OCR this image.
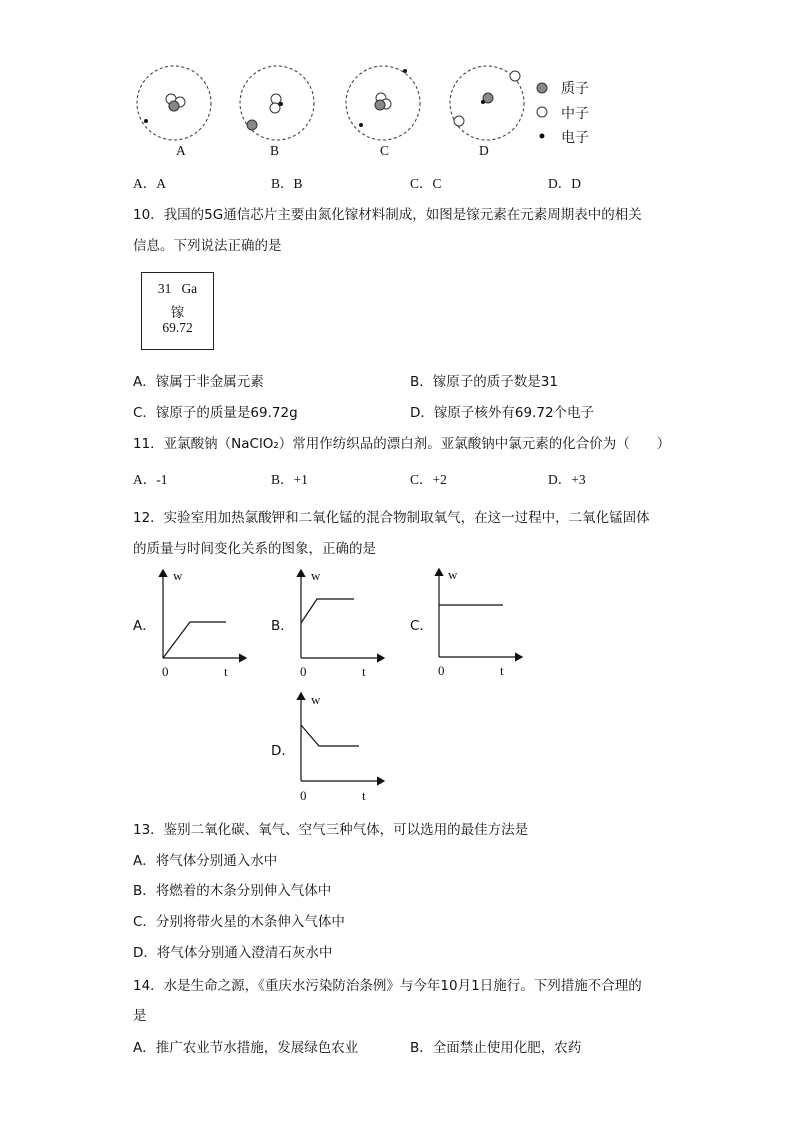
A	B	C	D
质子
中子
电子
A．A	B．B	C．C	D．D
10．我国的5G通信芯片主要由氮化镓材料制成，如图是镓元素在元素周期表中的相关
信息。下列说法正确的是
31 Ga
镓
69.72
A．镓属于非金属元素	B．镓原子的质子数是31
C．镓原子的质量是69.72g	D．镓原子核外有69.72个电子
11．亚氯酸钠（NaClO₂）常用作纺织品的漂白剂。亚氯酸钠中氯元素的化合价为（　　）
A．-1	B．+1	C．+2	D．+3
12．实验室用加热氯酸钾和二氧化锰的混合物制取氧气，在这一过程中，二氧化锰固体
的质量与时间变化关系的图象，正确的是
A．
w
0	t
B．
w
0	t
C．
w
0	t
D．
w
0	t
13．鉴别二氧化碳、氧气、空气三种气体，可以选用的最佳方法是
A．将气体分别通入水中
B．将燃着的木条分别伸入气体中
C．分别将带火星的木条伸入气体中
D．将气体分别通入澄清石灰水中
14．水是生命之源，《重庆水污染防治条例》与今年10月1日施行。下列措施不合理的
是
A．推广农业节水措施，发展绿色农业	B．全面禁止使用化肥，农药
